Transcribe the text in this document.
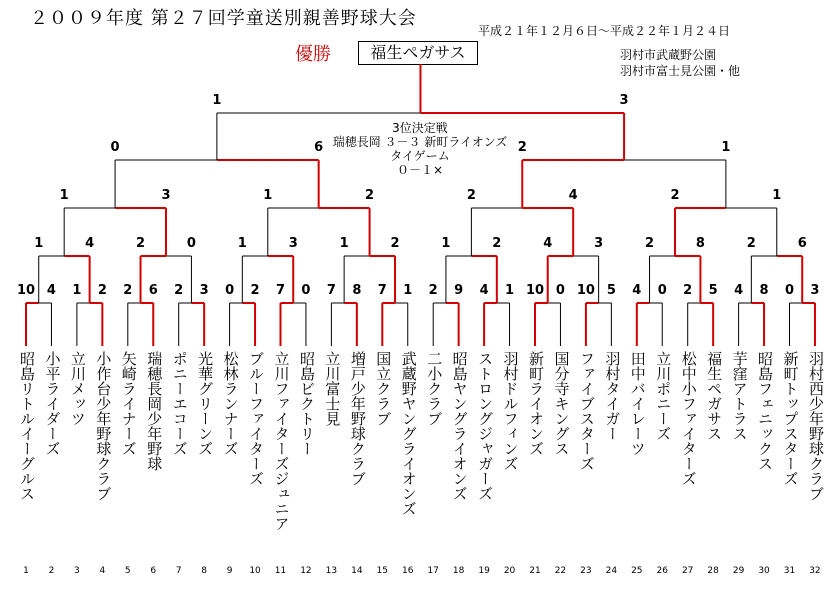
２００９年度 第２７回学童送別親善野球大会
平成２１年１２月６日～平成２２年１月２４日
羽村市武蔵野公園
羽村市富士見公園・他
優勝	福生ペガサス
3位決定戦
瑞穂長岡 ３－３ 新町ライオンズ
タイゲーム
０－１×
10 4 1 2 2 6 2 3 0 2 7 0 7 8 7 1 2 9 4 1 10 0 10 5 4 0 2 5 4 8 0 3
1	4	2	0	1	3	1	2	1	2	4	3	2	8	2	6
1	3	1	2	2	4	2	1
0	6	2	1
1	3
昭島リトルイーグルス
1
小平ライダーズ
2
立川メッツ
3
小作台少年野球クラブ
4
矢崎ライナーズ
5
瑞穂長岡少年野球
6
ポニーエコーズ
7
光華グリーンズ
8
松林ランナーズ
9
ブルーファイターズ
10
立川ファイターズジュニア
11
昭島ビクトリー
12
立川富士見
13
増戸少年野球クラブ
14
国立クラブ
15
武蔵野ヤングライオンズ
16
二小クラブ
17
昭島ヤングライオンズ
18
ストロングジャガーズ
19
羽村ドルフィンズ
20
新町ライオンズ
21
国分寺キングス
22
ファイブスターズ
23
羽村タイガー
24
田中バイレーツ
25
立川ポニーズ
26
松中小ファイターズ
27
福生ペガサス
28
芋窪アトラス
29
昭島フェニックス
30
新町トップスターズ
31
羽村西少年野球クラブ
32
